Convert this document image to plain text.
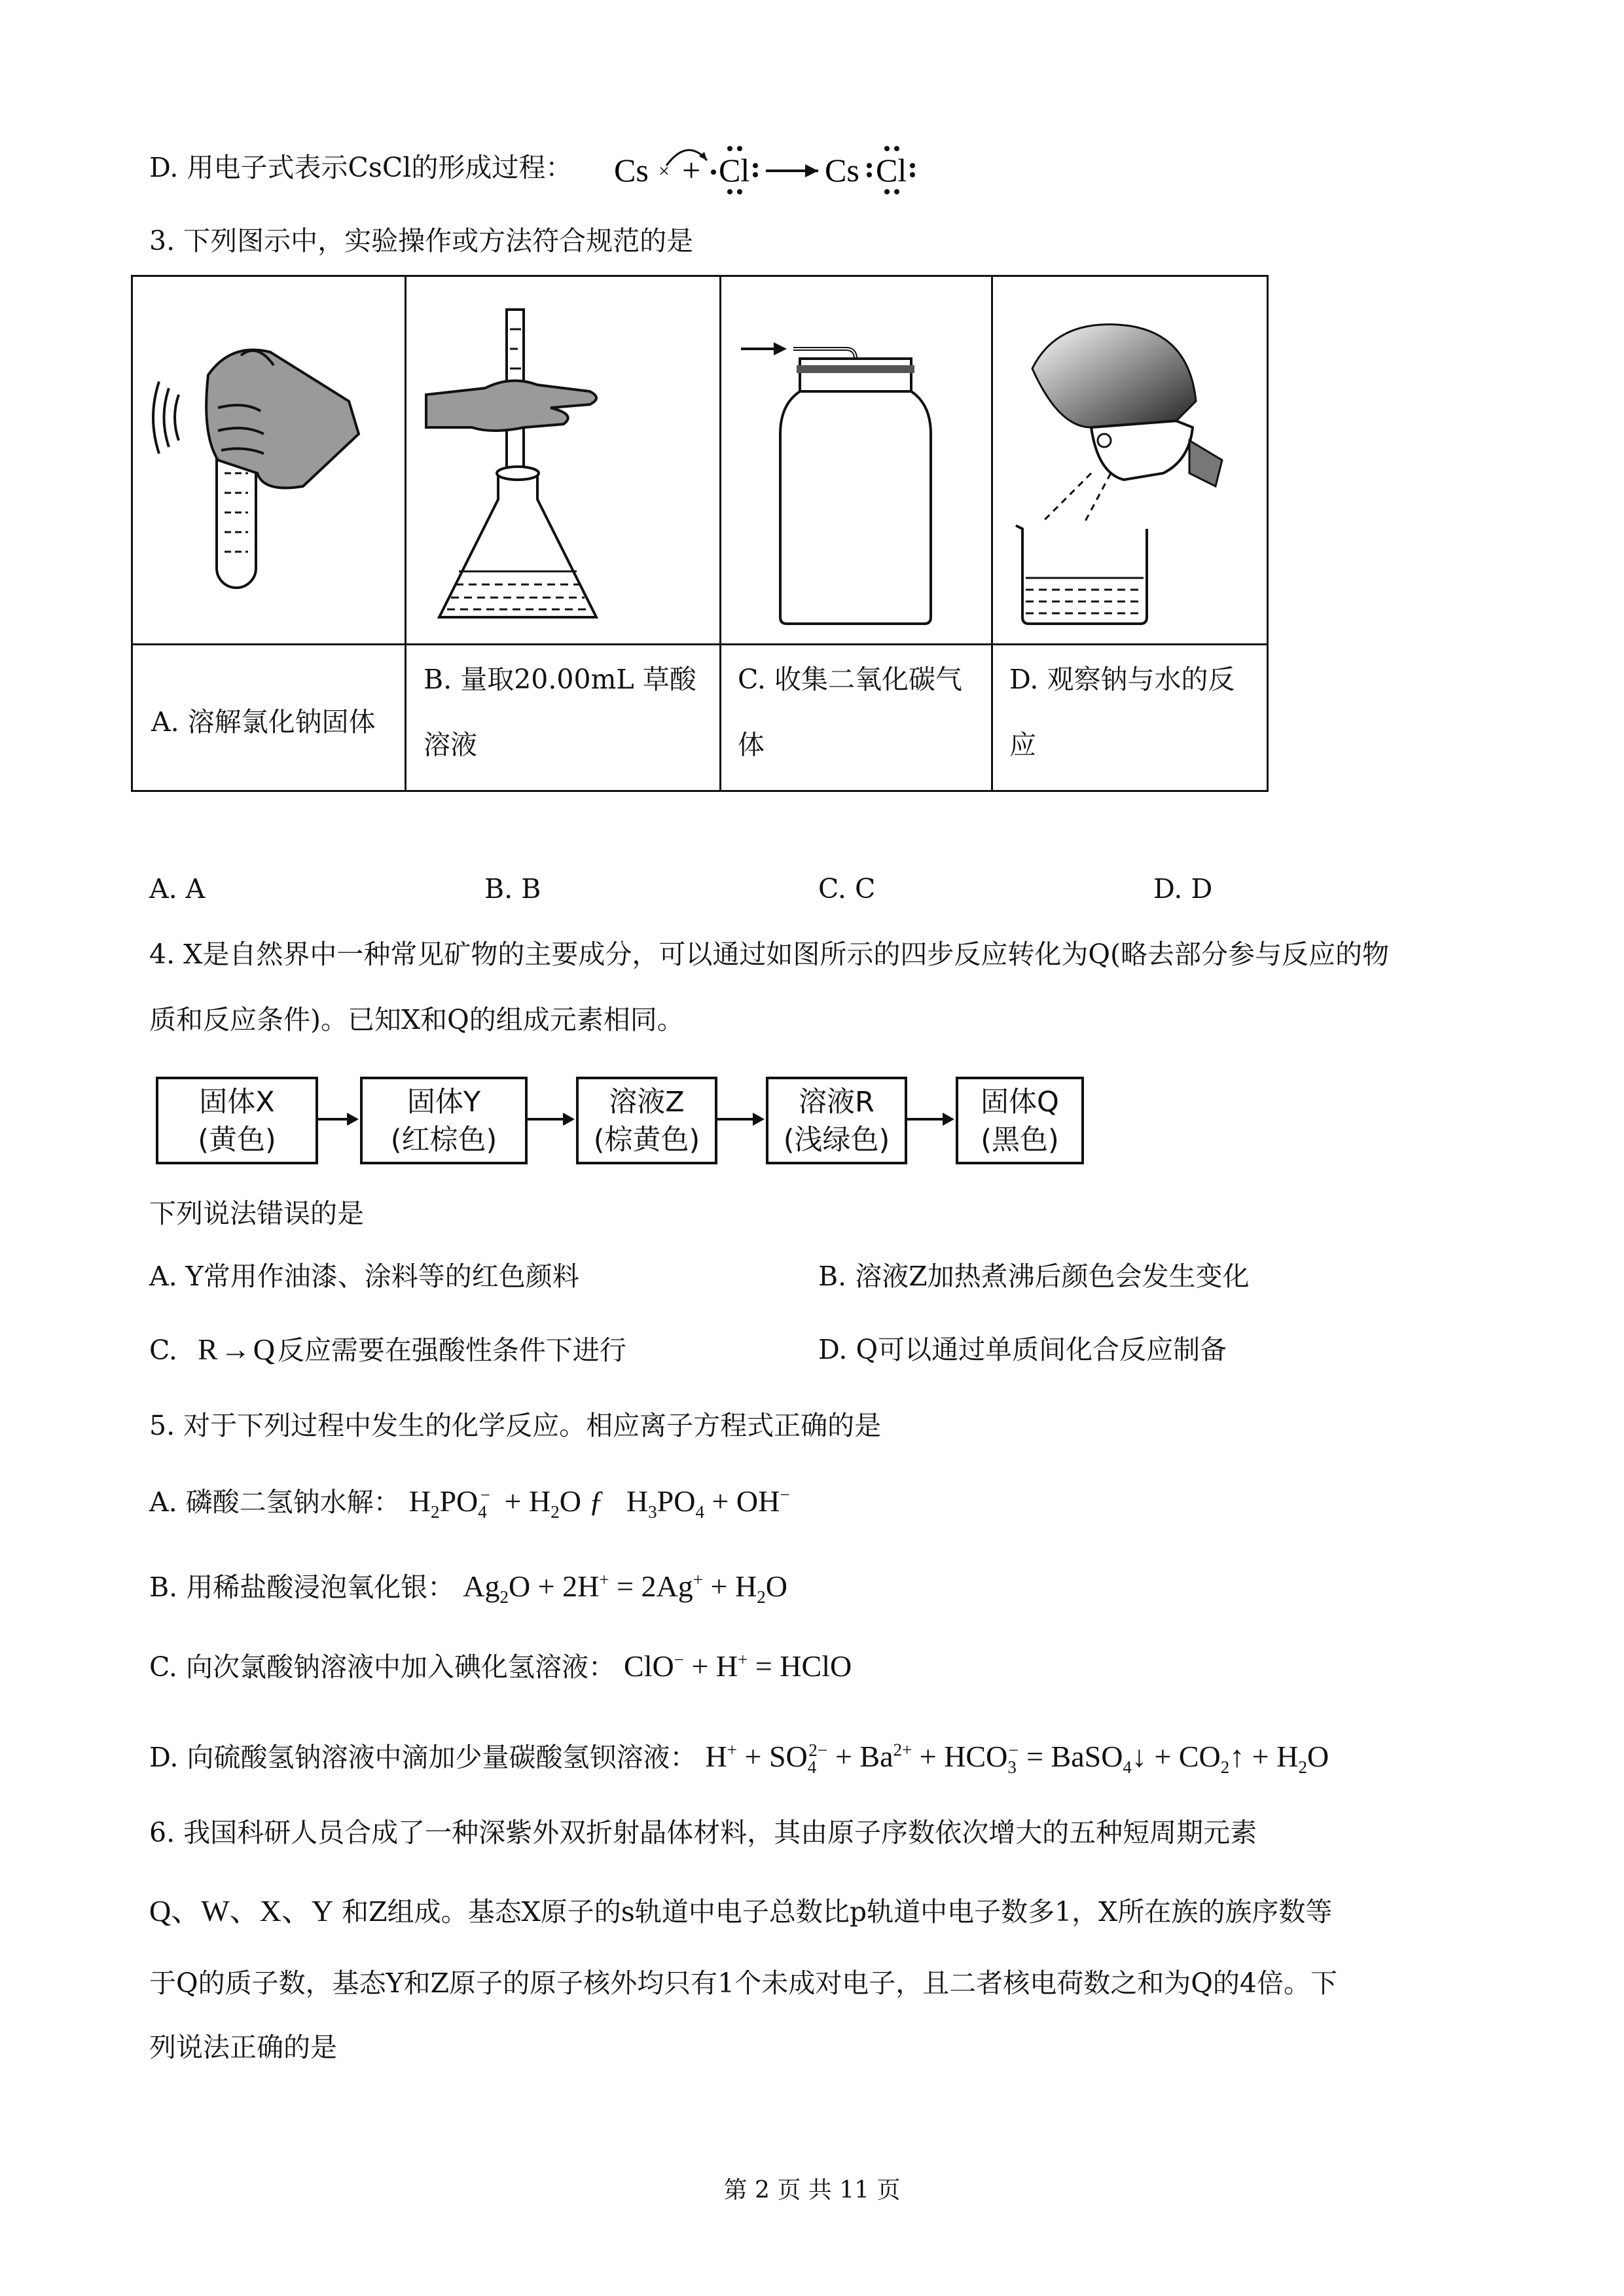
D. 用电子式表示CsCl的形成过程： Cs × + Cl Cs Cl
3. 下列图示中，实验操作或方法符合规范的是
A. 溶解氯化钠固体
B. 量取20.00mL 草酸
溶液
C. 收集二氧化碳气
体
D. 观察钠与水的反
应
A. A	B. B	C. C	D. D
4. X是自然界中一种常见矿物的主要成分，可以通过如图所示的四步反应转化为Q(略去部分参与反应的物
质和反应条件)。已知X和Q的组成元素相同。
固体X
(黄色)
固体Y
(红棕色)
溶液Z
(棕黄色)
溶液R
(浅绿色)
固体Q
(黑色)
下列说法错误的是
A. Y常用作油漆、涂料等的红色颜料	B. 溶液Z加热煮沸后颜色会发生变化
C. R→Q反应需要在强酸性条件下进行	D. Q可以通过单质间化合反应制备
5. 对于下列过程中发生的化学反应。相应离子方程式正确的是
A. 磷酸二氢钠水解： $H_2PO_4^- + H_2O$ ƒ   $H_3PO_4 + OH^-$
B. 用稀盐酸浸泡氧化银： $Ag_2O + 2H^+ = 2Ag^+ + H_2O$
C. 向次氯酸钠溶液中加入碘化氢溶液： ClO− + H+ = HClO
D. 向硫酸氢钠溶液中滴加少量碳酸氢钡溶液： $H^+ + SO_4^{2-} + Ba^{2+} + HCO_3^-$ = BaSO$_4$↓ + $CO_2↑ + H_2O$
6. 我国科研人员合成了一种深紫外双折射晶体材料，其由原子序数依次增大的五种短周期元素
Q、W、X、Y 和Z组成。基态X原子的s轨道中电子总数比p轨道中电子数多1，X所在族的族序数等
于Q的质子数，基态Y和Z原子的原子核外均只有1个未成对电子，且二者核电荷数之和为Q的4倍。下
列说法正确的是
第 2 页 共 11 页
